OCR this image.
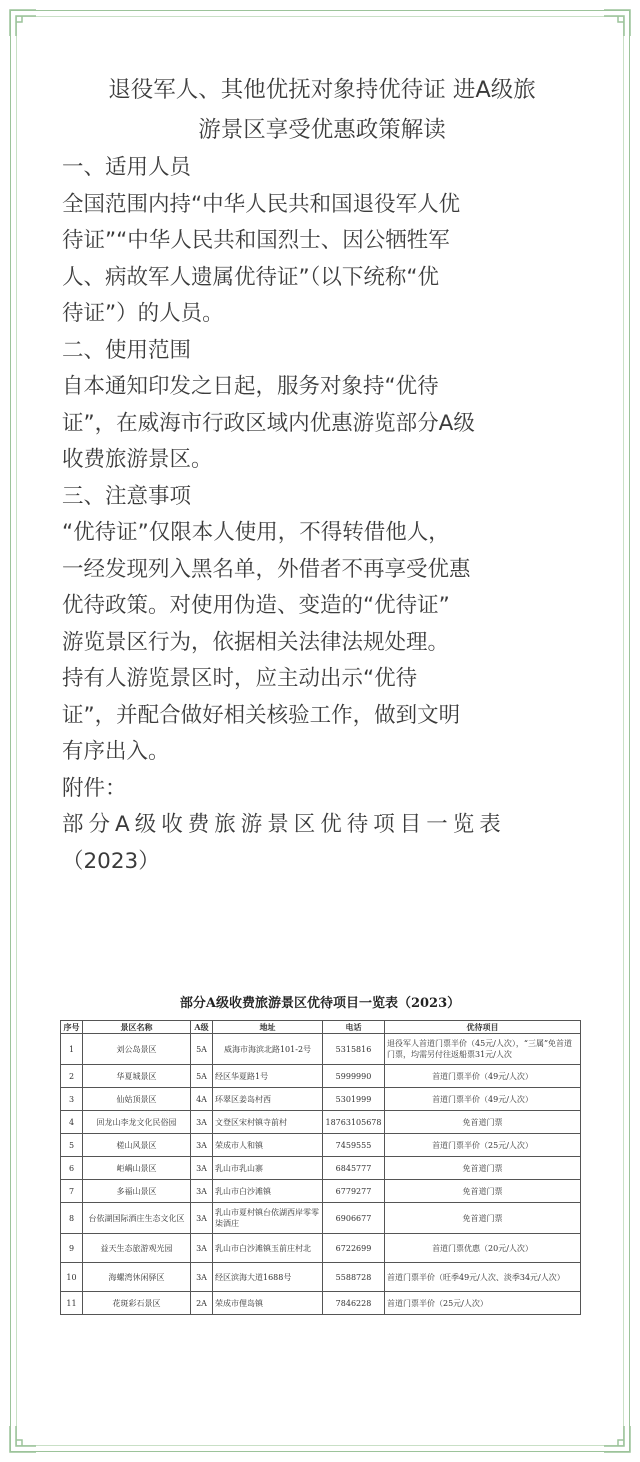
退役军人、其他优抚对象持优待证 进A级旅
游景区享受优惠政策解读

一、适用人员

全国范围内持“中华人民共和国退役军人优
待证”“中华人民共和国烈士、因公牺牲军
人、病故军人遗属优待证”（以下统称“优
待证”）的人员。

二、使用范围

自本通知印发之日起，服务对象持“优待
证”，在威海市行政区域内优惠游览部分A级
收费旅游景区。

三、注意事项

“优待证”仅限本人使用，不得转借他人，
一经发现列入黑名单，外借者不再享受优惠
优待政策。对使用伪造、变造的“优待证”
游览景区行为，依据相关法律法规处理。

持有人游览景区时，应主动出示“优待
证”，并配合做好相关核验工作，做到文明
有序出入。

附件：

部分A级收费旅游景区优待项目一览表
（2023）

部分A级收费旅游景区优待项目一览表（2023）

序号	景区名称	A级	地址	电话	优待项目
1	刘公岛景区	5A	威海市海滨北路101-2号	5315816	退役军人首道门票半价（45元/人次），“三属”免首道门票，均需另付往返船票31元/人次
2	华夏城景区	5A	经区华夏路1号	5999990	首道门票半价（49元/人次）
3	仙姑顶景区	4A	环翠区姜岛村西	5301999	首道门票半价（49元/人次）
4	回龙山李龙文化民俗园	3A	文登区宋村镇寺前村	18763105678	免首道门票
5	槎山风景区	3A	荣成市人和镇	7459555	首道门票半价（25元/人次）
6	岠嵎山景区	3A	乳山市乳山寨	6845777	免首道门票
7	多福山景区	3A	乳山市白沙滩镇	6779277	免首道门票
8	台依湖国际酒庄生态文化区	3A	乳山市夏村镇台依湖西岸零零柒酒庄	6906677	免首道门票
9	益天生态旅游观光园	3A	乳山市白沙滩镇玉前庄村北	6722699	首道门票优惠（20元/人次）
10	海螺湾休闲驿区	3A	经区滨海大道1688号	5588728	首道门票半价（旺季49元/人次、淡季34元/人次）
11	花斑彩石景区	2A	荣成市俚岛镇	7846228	首道门票半价（25元/人次）
